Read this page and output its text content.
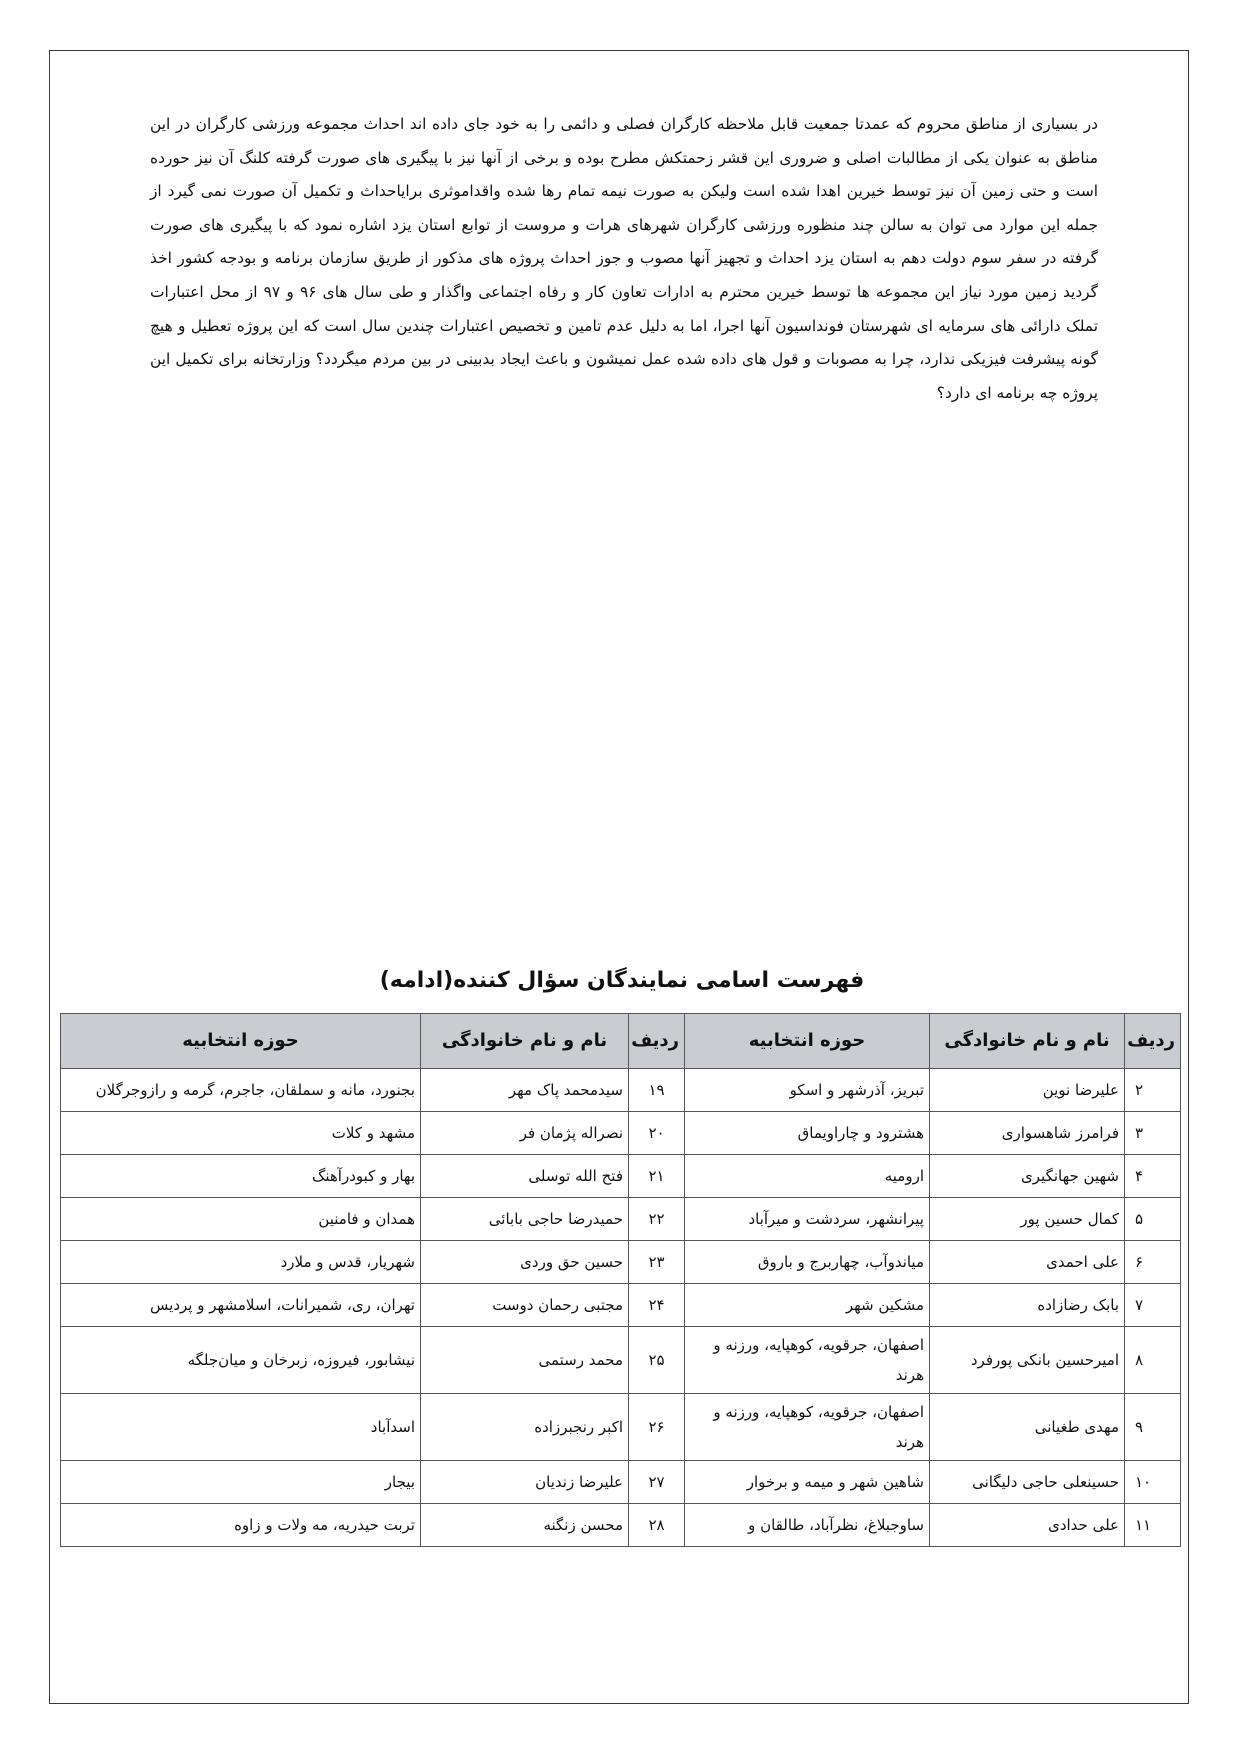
در بسیاری از مناطق محروم که عمدتا جمعیت قابل ملاحظه کارگران فصلی و دائمی را به خود جای داده اند احداث مجموعه ورزشی کارگران در این مناطق به عنوان یکی از مطالبات اصلی و ضروری این قشر زحمتکش مطرح بوده و برخی از آنها نیز با پیگیری های صورت گرفته کلنگ آن نیز حورده است و حتی زمین آن نیز توسط خیرین اهدا شده است ولیکن به صورت نیمه تمام رها شده واقداموثری برایاحداث و تکمیل آن صورت نمی گیرد از جمله این موارد می توان به سالن چند منظوره ورزشی کارگران شهرهای هرات و مروست از توابع استان یزد اشاره نمود که با پیگیری های صورت گرفته در سفر سوم دولت دهم به استان یزد احداث و تجهیز آنها مصوب و جوز احداث پروژه های مذکور از طریق سازمان برنامه و بودجه کشور اخذ گردید زمین مورد نیاز این مجموعه ها توسط خیرین محترم به ادارات تعاون کار و رفاه اجتماعی واگذار و طی سال های ۹۶ و ۹۷ از محل اعتبارات تملک دارائی های سرمایه ای شهرستان فونداسیون آنها اجرا، اما به دلیل عدم تامین و تخصیص اعتبارات چندین سال است که این پروژه تعطیل و هیچ گونه پیشرفت فیزیکی ندارد، چرا به مصوبات و قول های داده شده عمل نمیشون و باعث ایجاد بدبینی در بین مردم میگردد؟ وزارتخانه برای تکمیل این پروژه چه برنامه ای دارد؟

فهرست اسامی نمایندگان سؤال کننده(ادامه)
ردیف	نام و نام خانوادگی	حوزه انتخابیه	ردیف	نام و نام خانوادگی	حوزه انتخابیه
۲	علیرضا نوین	تبریز، آذرشهر و اسکو	۱۹	سیدمحمد پاک مهر	بجنورد، مانه و سملقان، جاجرم، گرمه و رازوجرگلان
۳	فرامرز شاهسواری	هشترود و چاراویماق	۲۰	نصراله پژمان فر	مشهد و کلات
۴	شهین جهانگیری	ارومیه	۲۱	فتح الله توسلی	بهار و کبودرآهنگ
۵	کمال حسین پور	پیرانشهر، سردشت و میرآباد	۲۲	حمیدرضا حاجی بابائی	همدان و فامنین
۶	علی احمدی	میاندوآب، چهاربرج و باروق	۲۳	حسین حق وردی	شهریار، قدس و ملارد
۷	بابک رضازاده	مشکین شهر	۲۴	مجتبی رحمان دوست	تهران، ری، شمیرانات، اسلامشهر و پردیس
۸	امیرحسین بانکی پورفرد	اصفهان، جرقویه، کوهپایه، ورزنه و هرند	۲۵	محمد رستمی	نیشابور، فیروزه، زبرخان و میان‌جلگه
۹	مهدی طغیانی	اصفهان، جرقویه، کوهپایه، ورزنه و هرند	۲۶	اکبر رنجبرزاده	اسدآباد
۱۰	حسینعلی حاجی دلیگانی	شاهین شهر و میمه و برخوار	۲۷	علیرضا زندیان	بیجار
۱۱	علی حدادی	ساوجبلاغ، نظرآباد، طالقان و	۲۸	محسن زنگنه	تربت حیدریه، مه ولات و زاوه
